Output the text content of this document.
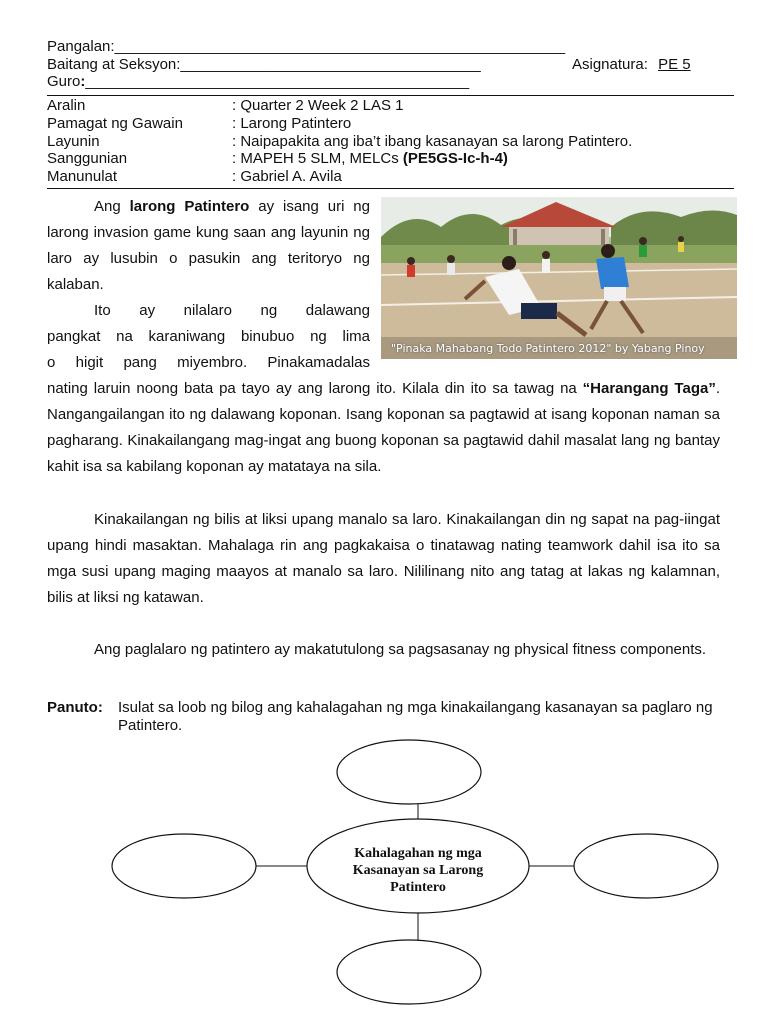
Pangalan:______________________________________________________
Baitang at Seksyon:____________________________________	Asignatura: PE 5
Guro:______________________________________________
Aralin	: Quarter 2 Week 2 LAS 1
Pamagat ng Gawain	: Larong Patintero
Layunin	: Naipapakita ang iba’t ibang kasanayan sa larong Patintero.
Sanggunian	: MAPEH 5 SLM, MELCs (PE5GS-Ic-h-4)
Manunulat	: Gabriel A. Avila
Ang larong Patintero ay isang uri ng larong invasion game kung saan ang layunin ng laro ay lusubin o pasukin ang teritoryo ng kalaban.
Ito ay nilalaro ng dalawang
pangkat na karaniwang binubuo ng lima
o higit pang miyembro. Pinakamadalas
nating laruin noong bata pa tayo ay ang larong ito. Kilala din ito sa tawag na “Harangang Taga”. Nangangailangan ito ng dalawang koponan. Isang koponan sa pagtawid at isang koponan naman sa pagharang. Kinakailangang mag-ingat ang buong koponan sa pagtawid dahil masalat lang ng bantay kahit isa sa kabilang koponan ay matataya na sila.
Kinakailangan ng bilis at liksi upang manalo sa laro. Kinakailangan din ng sapat na pag-iingat upang hindi masaktan. Mahalaga rin ang pagkakaisa o tinatawag nating teamwork dahil isa ito sa mga susi upang maging maayos at manalo sa laro. Nililinang nito ang tatag at lakas ng kalamnan, bilis at liksi ng katawan.
Ang paglalaro ng patintero ay makatutulong sa pagsasanay ng physical fitness components.
"Pinaka Mahabang Todo Patintero 2012" by Yabang Pinoy
Panuto: Isulat sa loob ng bilog ang kahalagahan ng mga kinakailangang kasanayan sa paglaro ng Patintero.
Kahalagahan ng mga
Kasanayan sa Larong
Patintero
